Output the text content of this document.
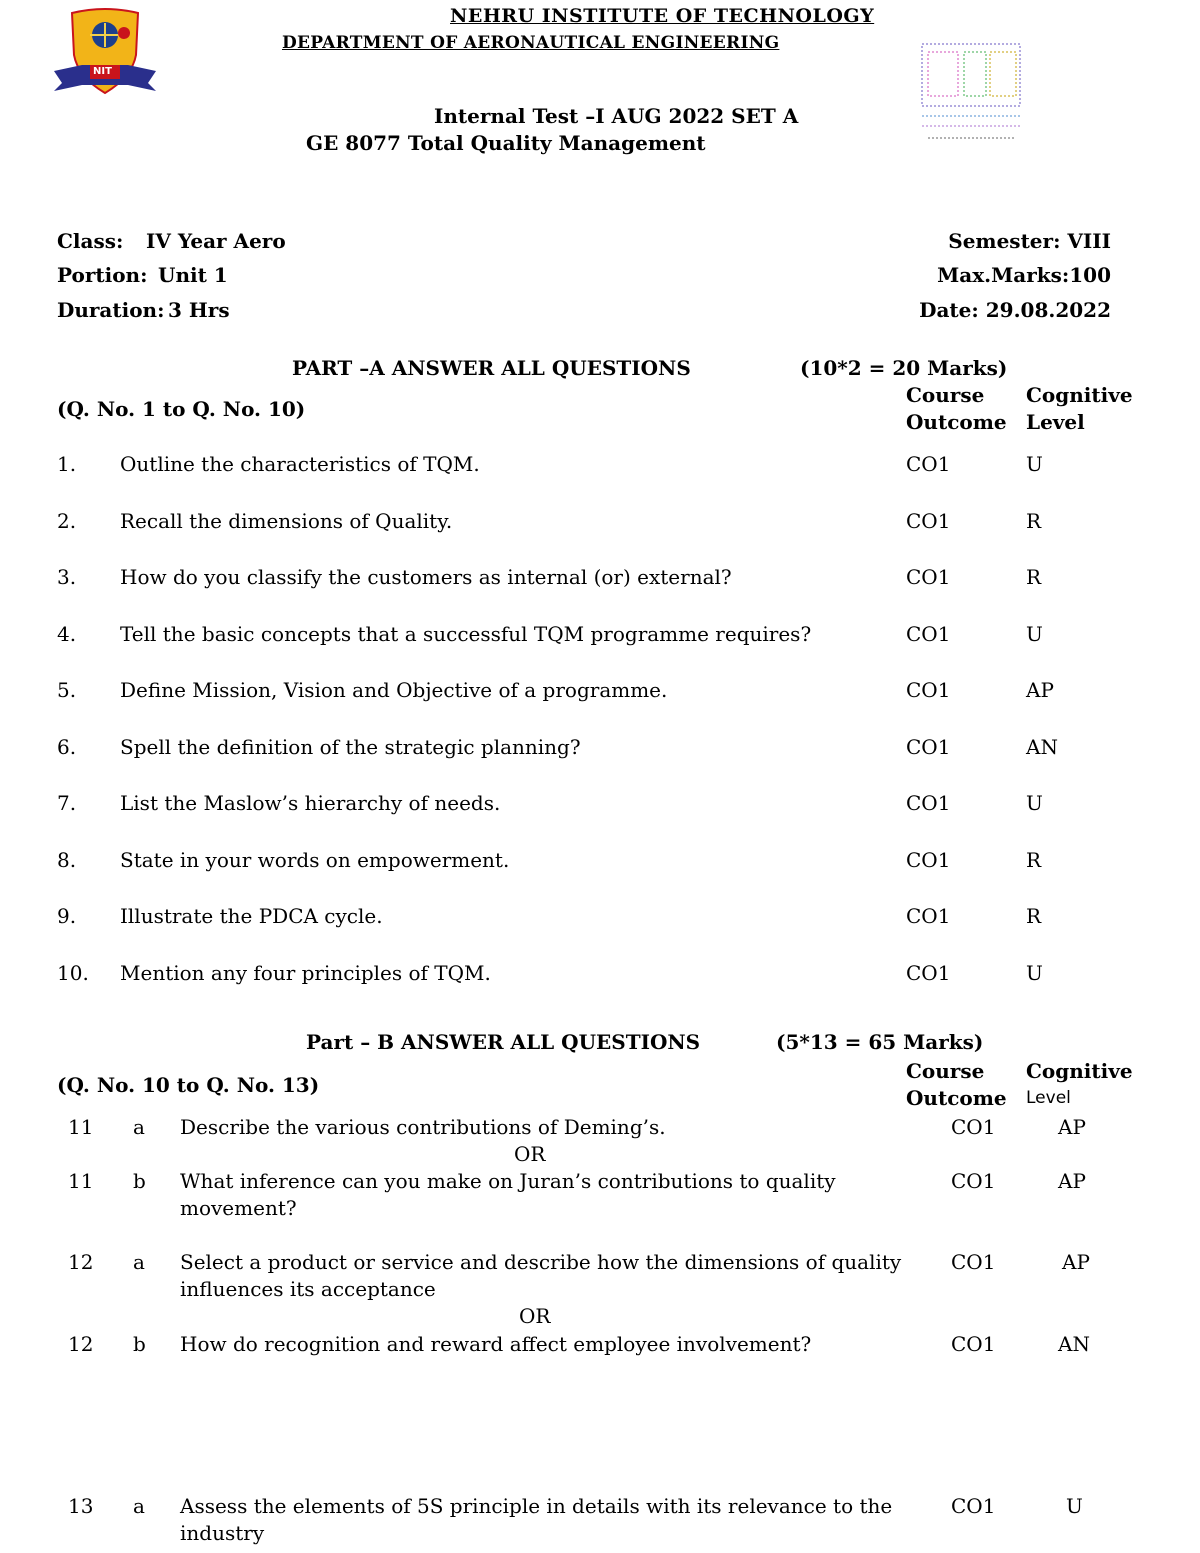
NIT
NEHRU INSTITUTE OF TECHNOLOGY
DEPARTMENT OF AERONAUTICAL ENGINEERING
Internal Test –I AUG 2022 SET A
GE 8077 Total Quality Management
Class: IV Year Aero
Portion: Unit 1
Duration: 3 Hrs
Semester: VIII
Max.Marks:100
Date: 29.08.2022
PART –A ANSWER ALL QUESTIONS	(10*2 = 20 Marks)
(Q. No. 1 to Q. No. 10)
Course
Outcome
Cognitive
Level
1. Outline the characteristics of TQM.	CO1	U
2. Recall the dimensions of Quality.	CO1	R
3. How do you classify the customers as internal (or) external?	CO1	R
4. Tell the basic concepts that a successful TQM programme requires?	CO1	U
5. Define Mission, Vision and Objective of a programme.	CO1	AP
6. Spell the definition of the strategic planning?	CO1	AN
7. List the Maslow’s hierarchy of needs.	CO1	U
8. State in your words on empowerment.	CO1	R
9. Illustrate the PDCA cycle.	CO1	R
10. Mention any four principles of TQM.	CO1	U
Part – B ANSWER ALL QUESTIONS	(5*13 = 65 Marks)
(Q. No. 10 to Q. No. 13)
Course
Outcome
Cognitive
Level
11 a Describe the various contributions of Deming’s.	CO1	AP
OR
11 b What inference can you make on Juran’s contributions to quality
movement?
CO1	AP
12 a Select a product or service and describe how the dimensions of quality
influences its acceptance
CO1	AP
OR
12 b How do recognition and reward affect employee involvement?	CO1	AN
13 a Assess the elements of 5S principle in details with its relevance to the
industry
CO1	U
